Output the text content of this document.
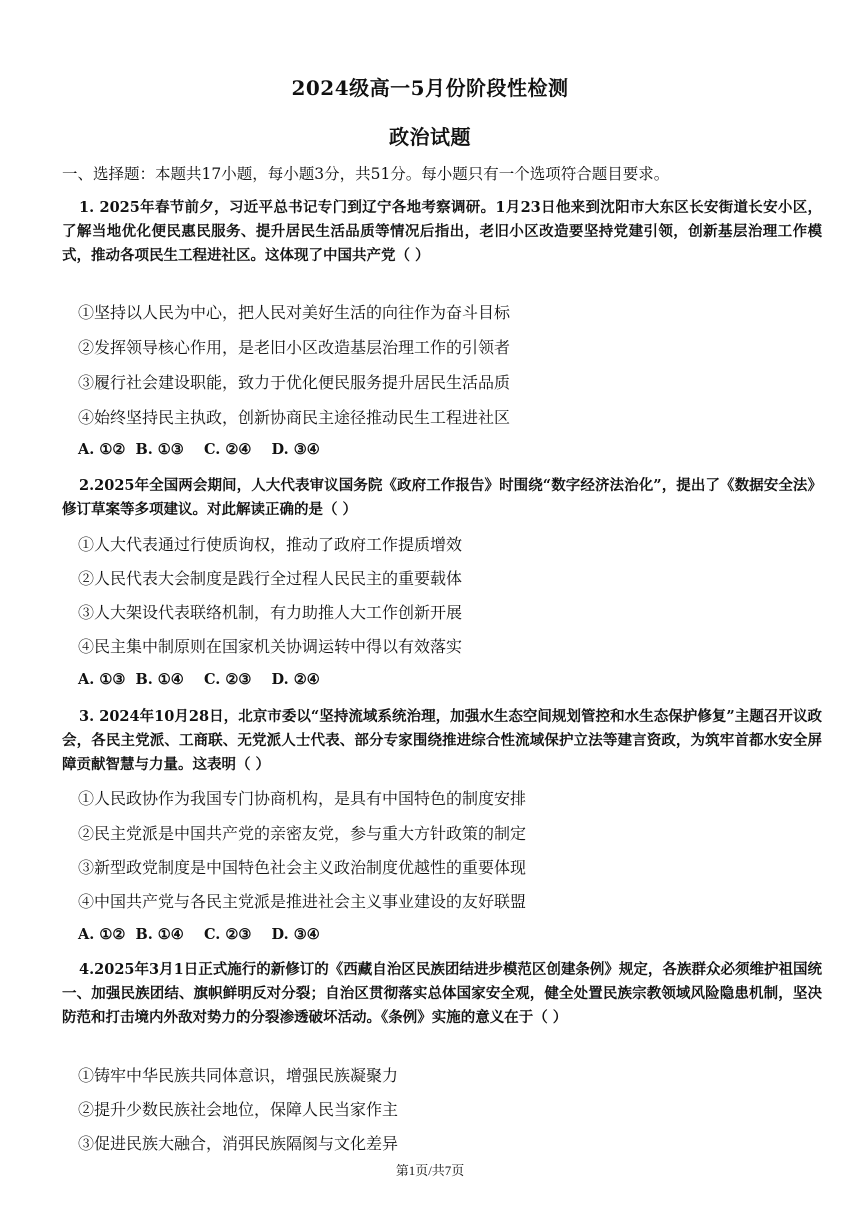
2024级高一5月份阶段性检测
政治试题
一、选择题：本题共17小题，每小题3分，共51分。每小题只有一个选项符合题目要求。
1. 2025年春节前夕，习近平总书记专门到辽宁各地考察调研。1月23日他来到沈阳市大东区长安街道长安小区，了解当地优化便民惠民服务、提升居民生活品质等情况后指出，老旧小区改造要坚持党建引领，创新基层治理工作模式，推动各项民生工程进社区。这体现了中国共产党（ ）
①坚持以人民为中心，把人民对美好生活的向往作为奋斗目标
②发挥领导核心作用，是老旧小区改造基层治理工作的引领者
③履行社会建设职能，致力于优化便民服务提升居民生活品质
④始终坚持民主执政，创新协商民主途径推动民生工程进社区
A. ①②  B. ①③    C. ②④    D. ③④
2.2025年全国两会期间，人大代表审议国务院《政府工作报告》时围绕“数字经济法治化”，提出了《数据安全法》修订草案等多项建议。对此解读正确的是（ ）
①人大代表通过行使质询权，推动了政府工作提质增效
②人民代表大会制度是践行全过程人民民主的重要载体
③人大架设代表联络机制，有力助推人大工作创新开展
④民主集中制原则在国家机关协调运转中得以有效落实
A. ①③  B. ①④    C. ②③    D. ②④
3. 2024年10月28日，北京市委以“坚持流域系统治理，加强水生态空间规划管控和水生态保护修复”主题召开议政会，各民主党派、工商联、无党派人士代表、部分专家围绕推进综合性流域保护立法等建言资政，为筑牢首都水安全屏障贡献智慧与力量。这表明（ ）
①人民政协作为我国专门协商机构，是具有中国特色的制度安排
②民主党派是中国共产党的亲密友党，参与重大方针政策的制定
③新型政党制度是中国特色社会主义政治制度优越性的重要体现
④中国共产党与各民主党派是推进社会主义事业建设的友好联盟
A. ①②  B. ①④    C. ②③    D. ③④
4.2025年3月1日正式施行的新修订的《西藏自治区民族团结进步模范区创建条例》规定，各族群众必须维护祖国统一、加强民族团结、旗帜鲜明反对分裂；自治区贯彻落实总体国家安全观，健全处置民族宗教领域风险隐患机制，坚决防范和打击境内外敌对势力的分裂渗透破坏活动。《条例》实施的意义在于（ ）
①铸牢中华民族共同体意识，增强民族凝聚力
②提升少数民族社会地位，保障人民当家作主
③促进民族大融合，消弭民族隔阂与文化差异
第1页/共7页
